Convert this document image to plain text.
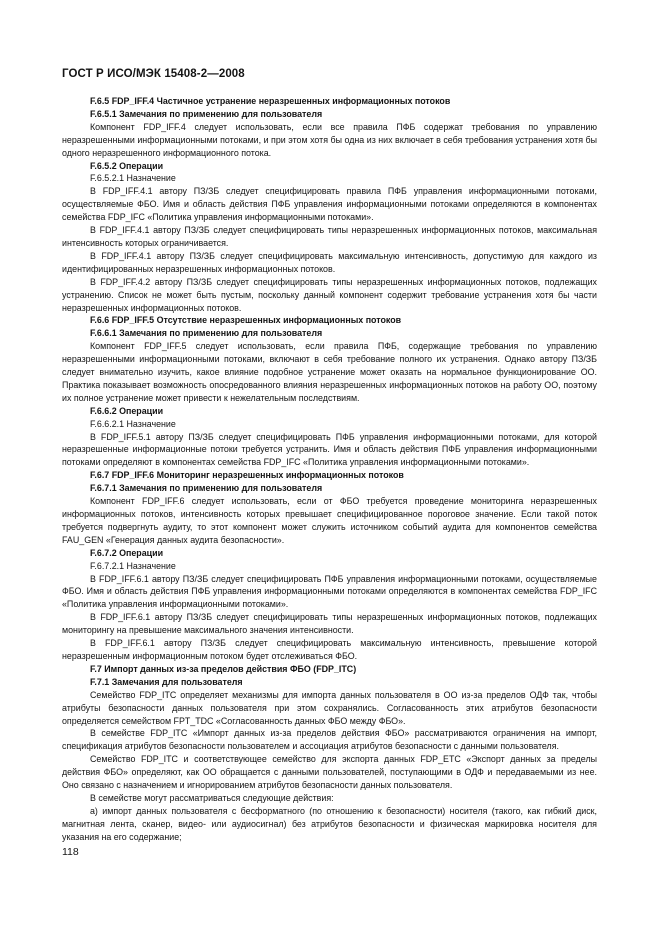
ГОСТ Р ИСО/МЭК 15408-2—2008

F.6.5 FDP_IFF.4 Частичное устранение неразрешенных информационных потоков

F.6.5.1 Замечания по применению для пользователя

Компонент FDP_IFF.4 следует использовать, если все правила ПФБ содержат требования по управлению неразрешенными информационными потоками, и при этом хотя бы одна из них включает в себя требования устранения хотя бы одного неразрешенного информационного потока.

F.6.5.2 Операции

F.6.5.2.1 Назначение

В FDP_IFF.4.1 автору ПЗ/ЗБ следует специфицировать правила ПФБ управления информационными потоками, осуществляемые ФБО. Имя и область действия ПФБ управления информационными потоками определяются в компонентах семейства FDP_IFC «Политика управления информационными потоками».

В FDP_IFF.4.1 автору ПЗ/ЗБ следует специфицировать типы неразрешенных информационных потоков, максимальная интенсивность которых ограничивается.

В FDP_IFF.4.1 автору ПЗ/ЗБ следует специфицировать максимальную интенсивность, допустимую для каждого из идентифицированных неразрешенных информационных потоков.

В FDP_IFF.4.2 автору ПЗ/ЗБ следует специфицировать типы неразрешенных информационных потоков, подлежащих устранению. Список не может быть пустым, поскольку данный компонент содержит требование устранения хотя бы части неразрешенных информационных потоков.

F.6.6 FDP_IFF.5 Отсутствие неразрешенных информационных потоков

F.6.6.1 Замечания по применению для пользователя

Компонент FDP_IFF.5 следует использовать, если правила ПФБ, содержащие требования по управлению неразрешенными информационными потоками, включают в себя требование полного их устранения. Однако автору ПЗ/ЗБ следует внимательно изучить, какое влияние подобное устранение может оказать на нормальное функционирование ОО. Практика показывает возможность опосредованного влияния неразрешенных информационных потоков на работу ОО, поэтому их полное устранение может привести к нежелательным последствиям.

F.6.6.2 Операции

F.6.6.2.1 Назначение

В FDP_IFF.5.1 автору ПЗ/ЗБ следует специфицировать ПФБ управления информационными потоками, для которой неразрешенные информационные потоки требуется устранить. Имя и область действия ПФБ управления информационными потоками определяют в компонентах семейства FDP_IFC «Политика управления информационными потоками».

F.6.7 FDP_IFF.6 Мониторинг неразрешенных информационных потоков

F.6.7.1 Замечания по применению для пользователя

Компонент FDP_IFF.6 следует использовать, если от ФБО требуется проведение мониторинга неразрешенных информационных потоков, интенсивность которых превышает специфицированное пороговое значение. Если такой поток требуется подвергнуть аудиту, то этот компонент может служить источником событий аудита для компонентов семейства FAU_GEN «Генерация данных аудита безопасности».

F.6.7.2 Операции

F.6.7.2.1 Назначение

В FDP_IFF.6.1 автору ПЗ/ЗБ следует специфицировать ПФБ управления информационными потоками, осуществляемые ФБО. Имя и область действия ПФБ управления информационными потоками определяются в компонентах семейства FDP_IFC «Политика управления информационными потоками».

В FDP_IFF.6.1 автору ПЗ/ЗБ следует специфицировать типы неразрешенных информационных потоков, подлежащих мониторингу на превышение максимального значения интенсивности.

В FDP_IFF.6.1 автору ПЗ/ЗБ следует специфицировать максимальную интенсивность, превышение которой неразрешенным информационным потоком будет отслеживаться ФБО.

F.7 Импорт данных из-за пределов действия ФБО (FDP_ITC)

F.7.1 Замечания для пользователя

Семейство FDP_ITC определяет механизмы для импорта данных пользователя в ОО из-за пределов ОДФ так, чтобы атрибуты безопасности данных пользователя при этом сохранялись. Согласованность этих атрибутов безопасности определяется семейством FPT_TDC «Согласованность данных ФБО между ФБО».

В семействе FDP_ITC «Импорт данных из-за пределов действия ФБО» рассматриваются ограничения на импорт, спецификация атрибутов безопасности пользователем и ассоциация атрибутов безопасности с данными пользователя.

Семейство FDP_ITC и соответствующее семейство для экспорта данных FDP_ETC «Экспорт данных за пределы действия ФБО» определяют, как ОО обращается с данными пользователей, поступающими в ОДФ и передаваемыми из нее. Оно связано с назначением и игнорированием атрибутов безопасности данных пользователя.

В семействе могут рассматриваться следующие действия:

а) импорт данных пользователя с бесформатного (по отношению к безопасности) носителя (такого, как гибкий диск, магнитная лента, сканер, видео- или аудиосигнал) без атрибутов безопасности и физическая маркировка носителя для указания на его содержание;

118
